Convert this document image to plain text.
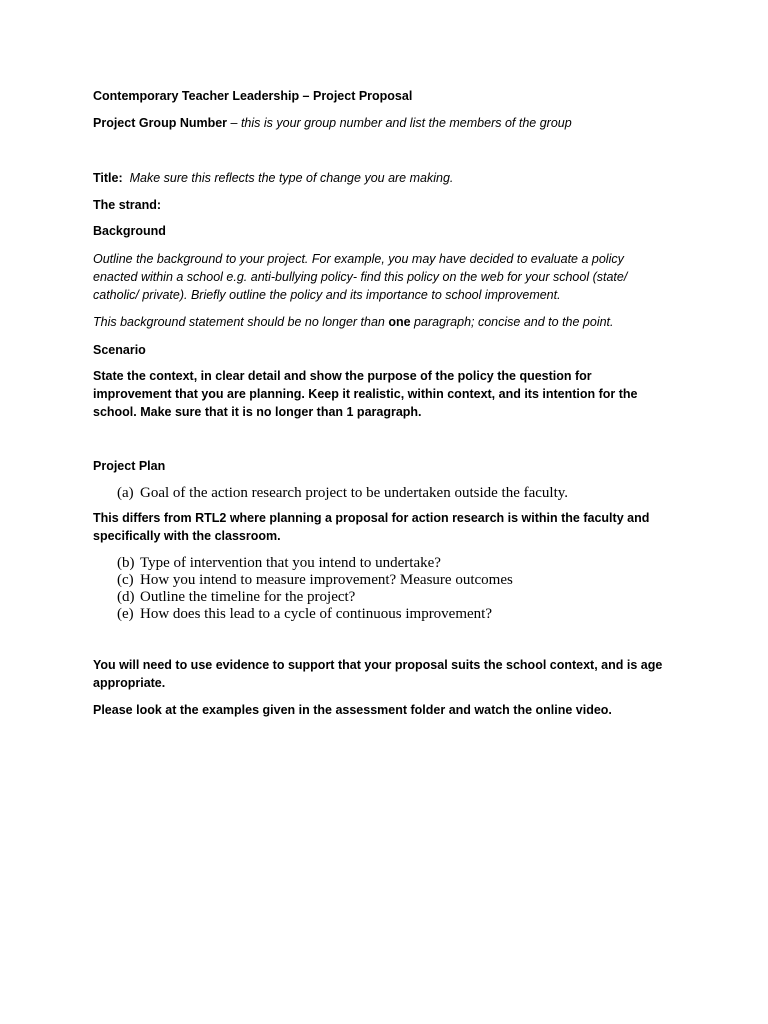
Contemporary Teacher Leadership – Project Proposal

Project Group Number – this is your group number and list the members of the group

Title: Make sure this reflects the type of change you are making.

The strand:

Background

Outline the background to your project. For example, you may have decided to evaluate a policy enacted within a school e.g. anti-bullying policy- find this policy on the web for your school (state/ catholic/ private). Briefly outline the policy and its importance to school improvement.

This background statement should be no longer than one paragraph; concise and to the point.

Scenario

State the context, in clear detail and show the purpose of the policy the question for improvement that you are planning. Keep it realistic, within context, and its intention for the school. Make sure that it is no longer than 1 paragraph.

Project Plan

(a) Goal of the action research project to be undertaken outside the faculty.

This differs from RTL2 where planning a proposal for action research is within the faculty and specifically with the classroom.

(b) Type of intervention that you intend to undertake?
(c) How you intend to measure improvement? Measure outcomes
(d) Outline the timeline for the project?
(e) How does this lead to a cycle of continuous improvement?

You will need to use evidence to support that your proposal suits the school context, and is age appropriate.

Please look at the examples given in the assessment folder and watch the online video.
